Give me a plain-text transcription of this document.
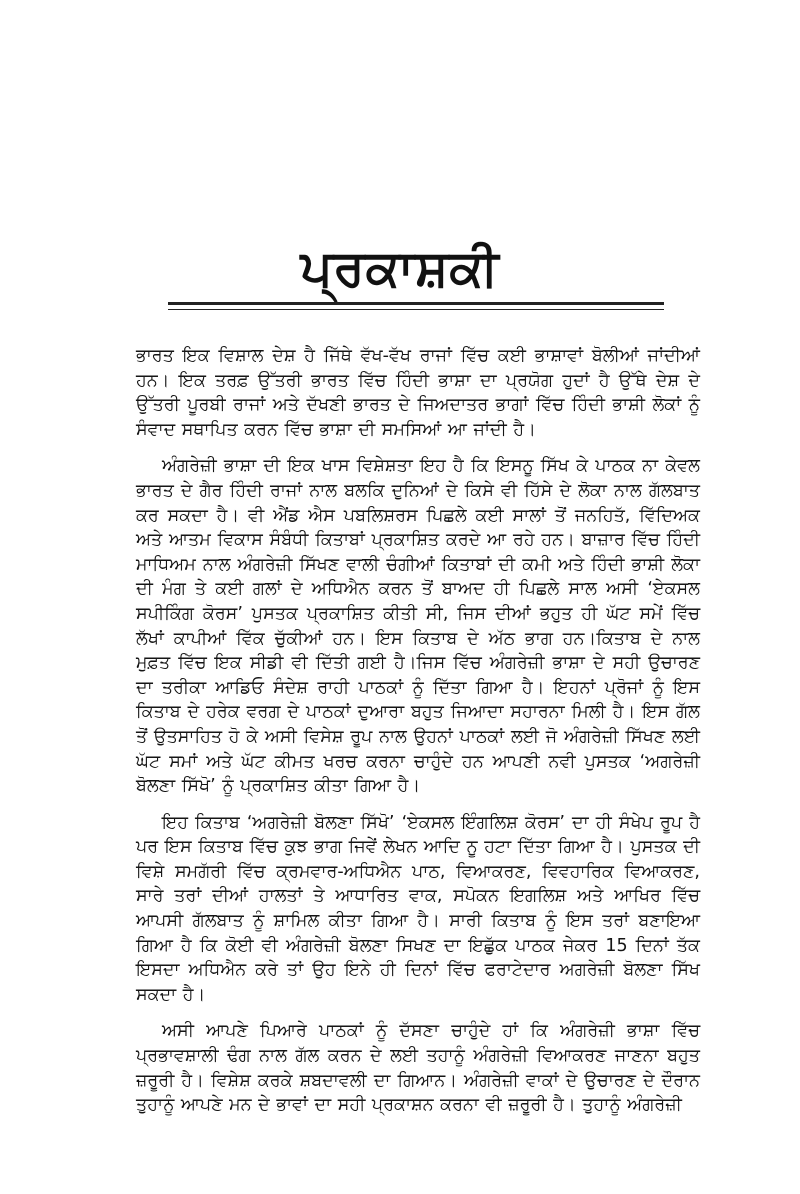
ਪ੍ਰਕਾਸ਼ਕੀ

ਭਾਰਤ ਇਕ ਵਿਸ਼ਾਲ ਦੇਸ਼ ਹੈ ਜਿੱਥੇ ਵੱਖ-ਵੱਖ ਰਾਜਾਂ ਵਿੱਚ ਕਈ ਭਾਸ਼ਾਵਾਂ ਬੋਲੀਆਂ ਜਾਂਦੀਆਂ ਹਨ। ਇਕ ਤਰਫ਼ ਉੱਤਰੀ ਭਾਰਤ ਵਿੱਚ ਹਿੰਦੀ ਭਾਸ਼ਾ ਦਾ ਪ੍ਰਯੋਗ ਹੁਦਾਂ ਹੈ ਉੱਥੇ ਦੇਸ਼ ਦੇ ਉੱਤਰੀ ਪੂਰਬੀ ਰਾਜਾਂ ਅਤੇ ਦੱਖਣੀ ਭਾਰਤ ਦੇ ਜਿਅਦਾਤਰ ਭਾਗਾਂ ਵਿੱਚ ਹਿੰਦੀ ਭਾਸ਼ੀ ਲੋਕਾਂ ਨੂੰ ਸੰਵਾਦ ਸਥਾਪਿਤ ਕਰਨ ਵਿੱਚ ਭਾਸ਼ਾ ਦੀ ਸਮਸਿਆਂ ਆ ਜਾਂਦੀ ਹੈ।

ਅੰਗਰੇਜ਼ੀ ਭਾਸ਼ਾ ਦੀ ਇਕ ਖਾਸ ਵਿਸ਼ੇਸ਼ਤਾ ਇਹ ਹੈ ਕਿ ਇਸਨੂ ਸਿੱਖ ਕੇ ਪਾਠਕ ਨਾ ਕੇਵਲ ਭਾਰਤ ਦੇ ਗੈਰ ਹਿੰਦੀ ਰਾਜਾਂ ਨਾਲ ਬਲਕਿ ਦੁਨਿਆਂ ਦੇ ਕਿਸੇ ਵੀ ਹਿੱਸੇ ਦੇ ਲੋਕਾ ਨਾਲ ਗੱਲਬਾਤ ਕਰ ਸਕਦਾ ਹੈ। ਵੀ ਐਂਡ ਐਸ ਪਬਲਿਸ਼ਰਸ ਪਿਛਲੇ ਕਈ ਸਾਲਾਂ ਤੋਂ ਜਨਹਿਤੱ, ਵਿੱਦਿਅਕ ਅਤੇ ਆਤਮ ਵਿਕਾਸ ਸੰਬੰਧੀ ਕਿਤਾਬਾਂ ਪ੍ਰਕਾਸ਼ਿਤ ਕਰਦੇ ਆ ਰਹੇ ਹਨ। ਬਾਜ਼ਾਰ ਵਿੱਚ ਹਿੰਦੀ ਮਾਧਿਅਮ ਨਾਲ ਅੰਗਰੇਜ਼ੀ ਸਿੱਖਣ ਵਾਲੀ ਚੰਗੀਆਂ ਕਿਤਾਬਾਂ ਦੀ ਕਮੀ ਅਤੇ ਹਿੰਦੀ ਭਾਸ਼ੀ ਲੋਕਾ ਦੀ ਮੰਗ ਤੇ ਕਈ ਗਲਾਂ ਦੇ ਅਧਿਐਨ ਕਰਨ ਤੋਂ ਬਾਅਦ ਹੀ ਪਿਛਲੇ ਸਾਲ ਅਸੀ ‘ਏਕਸਲ ਸਪੀਕਿੰਗ ਕੋਰਸ’ ਪੁਸਤਕ ਪ੍ਰਕਾਸ਼ਿਤ ਕੀਤੀ ਸੀ, ਜਿਸ ਦੀਆਂ ਭਹੁਤ ਹੀ ਘੱਟ ਸਮੇਂ ਵਿੱਚ ਲੱਖਾਂ ਕਾਪੀਆਂ ਵਿੱਕ ਚੁੱਕੀਆਂ ਹਨ। ਇਸ ਕਿਤਾਬ ਦੇ ਅੱਠ ਭਾਗ ਹਨ।ਕਿਤਾਬ ਦੇ ਨਾਲ ਮੁਫ਼ਤ ਵਿੱਚ ਇਕ ਸੀਡੀ ਵੀ ਦਿੱਤੀ ਗਈ ਹੈ।ਜਿਸ ਵਿੱਚ ਅੰਗਰੇਜ਼ੀ ਭਾਸ਼ਾ ਦੇ ਸਹੀ ਉਚਾਰਣ ਦਾ ਤਰੀਕਾ ਆਡਿਓ ਸੰਦੇਸ਼ ਰਾਹੀ ਪਾਠਕਾਂ ਨੂੰ ਦਿੱਤਾ ਗਿਆ ਹੈ। ਇਹਨਾਂ ਪ੍ਰੋਜਾਂ ਨੂੰ ਇਸ ਕਿਤਾਬ ਦੇ ਹਰੇਕ ਵਰਗ ਦੇ ਪਾਠਕਾਂ ਦੁਆਰਾ ਬਹੁਤ ਜਿਆਦਾ ਸਹਾਰਨਾ ਮਿਲੀ ਹੈ। ਇਸ ਗੱਲ ਤੋਂ ਉਤਸਾਹਿਤ ਹੋ ਕੇ ਅਸੀ ਵਿਸੇਸ਼ ਰੂਪ ਨਾਲ ਉਹਨਾਂ ਪਾਠਕਾਂ ਲਈ ਜੋ ਅੰਗਰੇਜ਼ੀ ਸਿੱਖਣ ਲਈ ਘੱਟ ਸਮਾਂ ਅਤੇ ਘੱਟ ਕੀਮਤ ਖਰਚ ਕਰਨਾ ਚਾਹੁੰਦੇ ਹਨ ਆਪਣੀ ਨਵੀ ਪੁਸਤਕ ‘ਅਗਰੇਜ਼ੀ ਬੋਲਣਾ ਸਿੱਖੋ’ ਨੂੰ ਪ੍ਰਕਾਸ਼ਿਤ ਕੀਤਾ ਗਿਆ ਹੈ।

ਇਹ ਕਿਤਾਬ ‘ਅਗਰੇਜ਼ੀ ਬੋਲਣਾ ਸਿੱਖੋ’ ‘ਏਕਸਲ ਇੰਗਲਿਸ਼ ਕੋਰਸ’ ਦਾ ਹੀ ਸੰਖੇਪ ਰੂਪ ਹੈ ਪਰ ਇਸ ਕਿਤਾਬ ਵਿੱਚ ਕੁਝ ਭਾਗ ਜਿਵੇਂ ਲੇਖਨ ਆਦਿ ਨੂ ਹਟਾ ਦਿੱਤਾ ਗਿਆ ਹੈ। ਪੁਸਤਕ ਦੀ ਵਿਸ਼ੇ ਸਮਗੱਰੀ ਵਿੱਚ ਕ੍ਰਮਵਾਰ-ਅਧਿਐਨ ਪਾਠ, ਵਿਆਕਰਣ, ਵਿਵਹਾਰਿਕ ਵਿਆਕਰਣ, ਸਾਰੇ ਤਰਾਂ ਦੀਆਂ ਹਾਲਤਾਂ ਤੇ ਆਧਾਰਿਤ ਵਾਕ, ਸਪੋਕਨ ਇਗਲਿਸ਼ ਅਤੇ ਆਖਿਰ ਵਿੱਚ ਆਪਸੀ ਗੱਲਬਾਤ ਨੂੰ ਸ਼ਾਮਿਲ ਕੀਤਾ ਗਿਆ ਹੈ। ਸਾਰੀ ਕਿਤਾਬ ਨੂੰ ਇਸ ਤਰਾਂ ਬਣਾਇਆ ਗਿਆ ਹੈ ਕਿ ਕੋਈ ਵੀ ਅੰਗਰੇਜ਼ੀ ਬੋਲਣਾ ਸਿਖਣ ਦਾ ਇਛੁੱਕ ਪਾਠਕ ਜੇਕਰ 15 ਦਿਨਾਂ ਤੱਕ ਇਸਦਾ ਅਧਿਐਨ ਕਰੇ ਤਾਂ ਉਹ ਇਨੇ ਹੀ ਦਿਨਾਂ ਵਿੱਚ ਫਰਾਟੇਦਾਰ ਅਗਰੇਜ਼ੀ ਬੋਲਣਾ ਸਿੱਖ ਸਕਦਾ ਹੈ।

ਅਸੀ ਆਪਣੇ ਪਿਆਰੇ ਪਾਠਕਾਂ ਨੂੰ ਦੱਸਣਾ ਚਾਹੁੰਦੇ ਹਾਂ ਕਿ ਅੰਗਰੇਜ਼ੀ ਭਾਸ਼ਾ ਵਿੱਚ ਪ੍ਰਭਾਵਸ਼ਾਲੀ ਢੰਗ ਨਾਲ ਗੱਲ ਕਰਨ ਦੇ ਲਈ ਤਹਾਨੂੰ ਅੰਗਰੇਜ਼ੀ ਵਿਆਕਰਣ ਜਾਣਨਾ ਬਹੁਤ ਜ਼ਰੂਰੀ ਹੈ। ਵਿਸ਼ੇਸ਼ ਕਰਕੇ ਸ਼ਬਦਾਵਲੀ ਦਾ ਗਿਆਨ। ਅੰਗਰੇਜ਼ੀ ਵਾਕਾਂ ਦੇ ਉਚਾਰਣ ਦੇ ਦੌਰਾਨ ਤੁਹਾਨੂੰ ਆਪਣੇ ਮਨ ਦੇ ਭਾਵਾਂ ਦਾ ਸਹੀ ਪ੍ਰਕਾਸ਼ਨ ਕਰਨਾ ਵੀ ਜ਼ਰੂਰੀ ਹੈ। ਤੁਹਾਨੂੰ ਅੰਗਰੇਜ਼ੀ
